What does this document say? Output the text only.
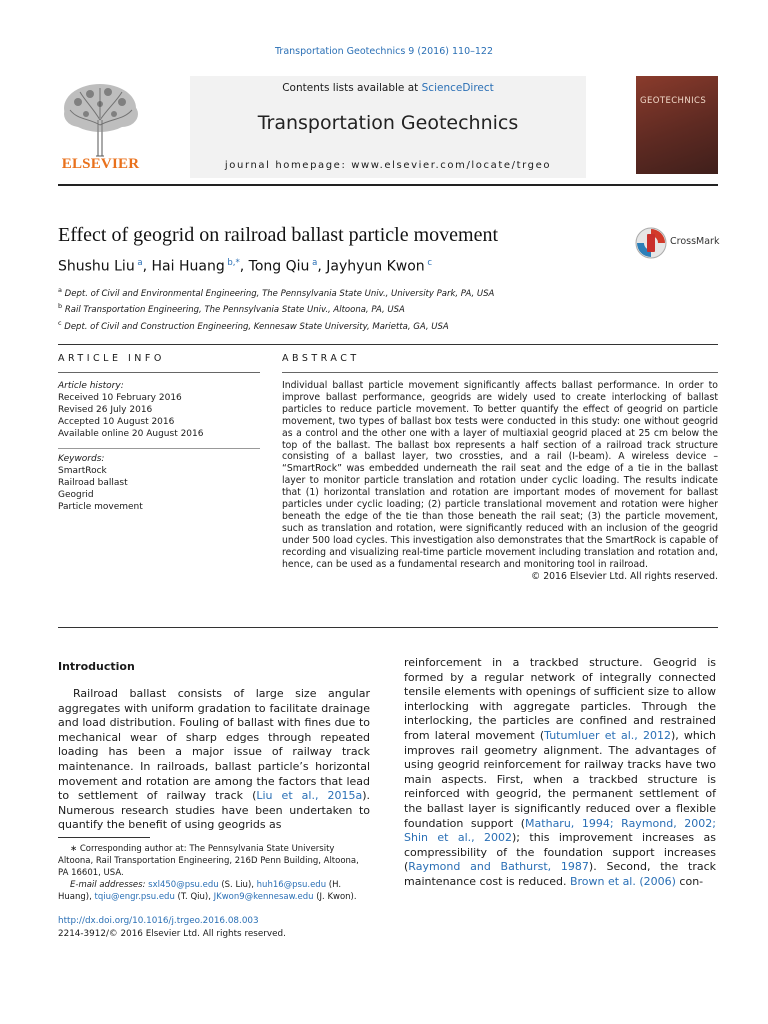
Transportation Geotechnics 9 (2016) 110–122
ELSEVIER
Contents lists available at ScienceDirect
Transportation Geotechnics
journal homepage: www.elsevier.com/locate/trgeo
GEOTECHNICS
Effect of geogrid on railroad ballast particle movement	CrossMark
Shushu Liu $^a$, Hai Huang $^{b,*}$, Tong Qiu $^a$, Jayhyun Kwon $^c$
$^a$ Dept. of Civil and Environmental Engineering, The Pennsylvania State Univ., University Park, PA, USA
$^b$ Rail Transportation Engineering, The Pennsylvania State Univ., Altoona, PA, USA
$^c$ Dept. of Civil and Construction Engineering, Kennesaw State University, Marietta, GA, USA
ARTICLE INFO	ABSTRACT
Article history:
Received 10 February 2016
Revised 26 July 2016
Accepted 10 August 2016
Available online 20 August 2016
Keywords:
SmartRock
Railroad ballast
Geogrid
Particle movement
Individual ballast particle movement significantly affects ballast performance. In order to improve ballast performance, geogrids are widely used to create interlocking of ballast particles to reduce particle movement. To better quantify the effect of geogrid on particle movement, two types of ballast box tests were conducted in this study: one without geogrid as a control and the other one with a layer of multiaxial geogrid placed at 25 cm below the top of the ballast. The ballast box represents a half section of a railroad track structure consisting of a ballast layer, two crossties, and a rail (I-beam). A wireless device – “SmartRock” was embedded underneath the rail seat and the edge of a tie in the ballast layer to monitor particle translation and rotation under cyclic loading. The results indicate that (1) horizontal translation and rotation are important modes of movement for ballast particles under cyclic loading; (2) particle translational movement and rotation were higher beneath the edge of the tie than those beneath the rail seat; (3) the particle movement, such as translation and rotation, were significantly reduced with an inclusion of the geogrid under 500 load cycles. This investigation also demonstrates that the SmartRock is capable of recording and visualizing real-time particle movement including translation and rotation and, hence, can be used as a fundamental research and monitoring tool in railroad.
© 2016 Elsevier Ltd. All rights reserved.
Introduction
Railroad ballast consists of large size angular aggregates with uniform gradation to facilitate drainage and load distribution. Fouling of ballast with fines due to mechanical wear of sharp edges through repeated loading has been a major issue of railway track maintenance. In railroads, ballast particle’s horizontal movement and rotation are among the factors that lead to settlement of railway track (Liu et al., 2015a). Numerous research studies have been undertaken to quantify the benefit of using geogrids as
reinforcement in a trackbed structure. Geogrid is formed by a regular network of integrally connected tensile elements with openings of sufficient size to allow interlocking with aggregate particles. Through the interlocking, the particles are confined and restrained from lateral movement (Tutumluer et al., 2012), which improves rail geometry alignment. The advantages of using geogrid reinforcement for railway tracks have two main aspects. First, when a trackbed structure is reinforced with geogrid, the permanent settlement of the ballast layer is significantly reduced over a flexible foundation support (Matharu, 1994; Raymond, 2002; Shin et al., 2002); this improvement increases as compressibility of the foundation support increases (Raymond and Bathurst, 1987). Second, the track maintenance cost is reduced. Brown et al. (2006) con-
∗ Corresponding author at: The Pennsylvania State University Altoona, Rail Transportation Engineering, 216D Penn Building, Altoona, PA 16601, USA.
E-mail addresses: sxl450@psu.edu (S. Liu), huh16@psu.edu (H. Huang), tqiu@engr.psu.edu (T. Qiu), JKwon9@kennesaw.edu (J. Kwon).
http://dx.doi.org/10.1016/j.trgeo.2016.08.003
2214-3912/© 2016 Elsevier Ltd. All rights reserved.
